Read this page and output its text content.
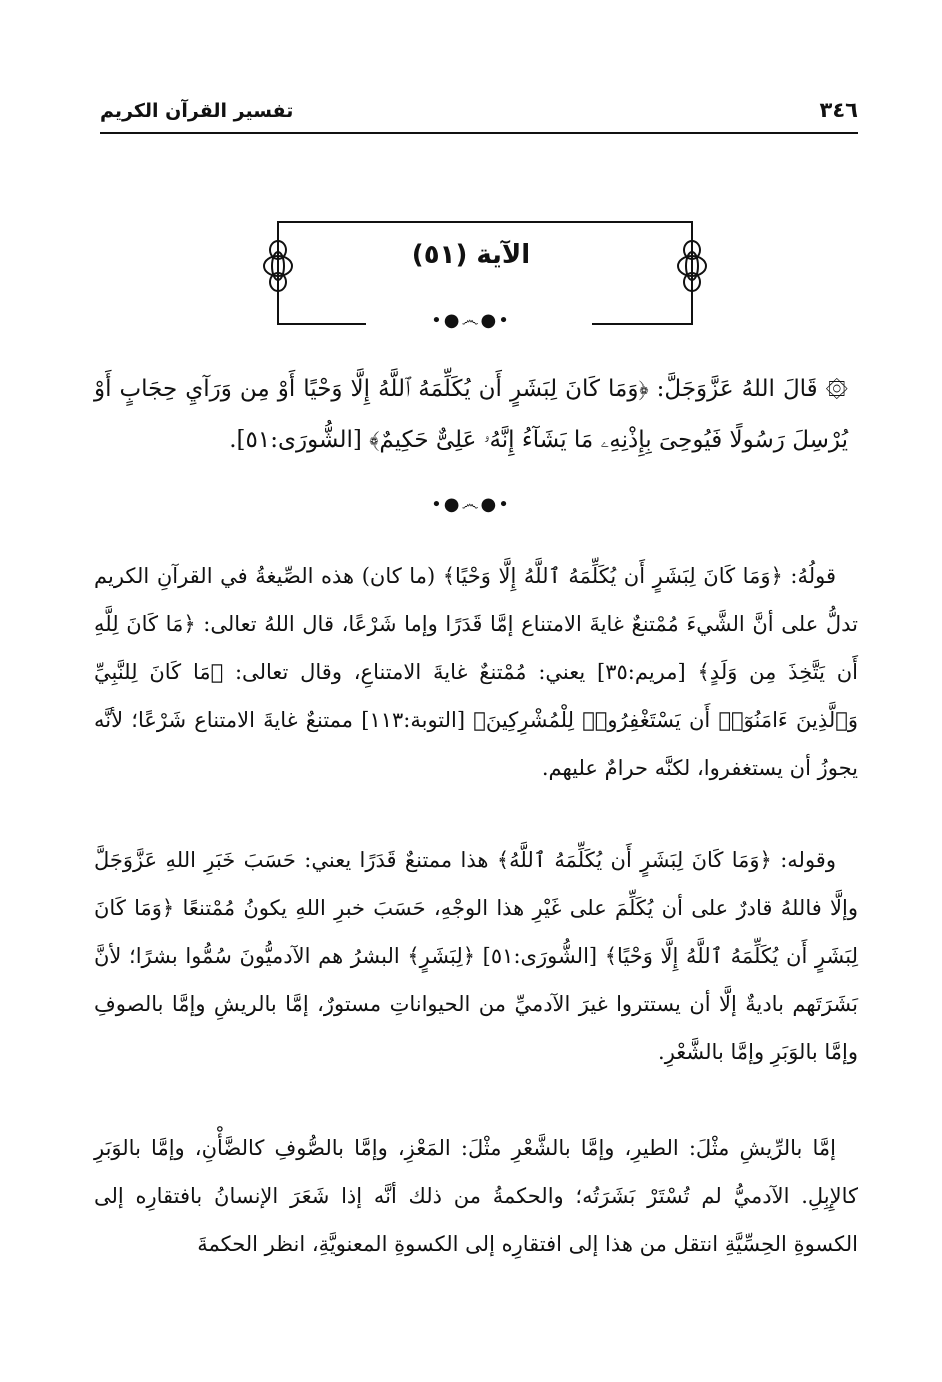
٣٤٦
تفسير القرآن الكريم
الآية (٥١)
•●෴●•
۞ قَالَ اللهُ عَزَّوَجَلَّ: ﴿وَمَا كَانَ لِبَشَرٍ أَن يُكَلِّمَهُ ٱللَّهُ إِلَّا وَحْيًا أَوْ مِن وَرَآيِ حِجَابٍ أَوْ يُرْسِلَ رَسُولًا فَيُوحِىَ بِإِذْنِهِۦ مَا يَشَآءُ إِنَّهُۥ عَلِىٌّ حَكِيمٌ﴾ [الشُّورَى:٥١].
•●෴●•
قولُهُ: ﴿وَمَا كَانَ لِبَشَرٍ أَن يُكَلِّمَهُ ٱللَّهُ إِلَّا وَحْيًا﴾ (ما كان) هذه الصِّيغةُ في القرآنِ الكريم تدلُّ على أنَّ الشَّيءَ مُمْتنعٌ غايةَ الامتناع إمَّا قَدَرًا وإما شَرْعًا، قال اللهُ تعالى: ﴿مَا كَانَ لِلَّهِ أَن يَتَّخِذَ مِن وَلَدٍ﴾ [مريم:٣٥] يعني: مُمْتنعٌ غايةَ الامتناعِ، وقال تعالى: ﴿مَا كَانَ لِلنَّبِيِّ وَٱلَّذِينَ ءَامَنُوٓا۟ أَن يَسْتَغْفِرُوا۟ لِلْمُشْرِكِينَ﴾ [التوبة:١١٣] ممتنعٌ غايةَ الامتناع شَرْعًا؛ لأنَّه يجوزُ أن يستغفروا، لكنَّه حرامٌ عليهم.
وقوله: ﴿وَمَا كَانَ لِبَشَرٍ أَن يُكَلِّمَهُ ٱللَّهُ﴾ هذا ممتنعٌ قَدَرًا يعني: حَسَبَ خَبَرِ اللهِ عَزَّوَجَلَّ وإلَّا فاللهُ قادرٌ على أن يُكَلِّمَ على غَيْرِ هذا الوجْهِ، حَسَبَ خبرِ اللهِ يكونُ مُمْتنعًا ﴿وَمَا كَانَ لِبَشَرٍ أَن يُكَلِّمَهُ ٱللَّهُ إِلَّا وَحْيًا﴾ [الشُّورَى:٥١] ﴿لِبَشَرٍ﴾ البشرُ هم الآدميُّونَ سُمُّوا بشرًا؛ لأنَّ بَشَرَتَهم باديةٌ إلَّا أن يستتروا غيرَ الآدميِّ من الحيواناتِ مستورٌ، إمَّا بالريشِ وإمَّا بالصوفِ وإمَّا بالوَبَرِ وإمَّا بالشَّعْرِ.
إمَّا بالرِّيشِ مثْلَ: الطيرِ، وإمَّا بالشَّعْرِ مثْلَ: المَعْزِ، وإمَّا بالصُّوفِ كالضَّأْنِ، وإمَّا بالوَبَرِ كالإِبِلِ. الآدميُّ لم تُسْتَرْ بَشَرَتُه؛ والحكمةُ من ذلك أنَّه إذا شَعَرَ الإنسانُ بافتقارِه إلى الكسوةِ الحِسِّيَّةِ انتقل من هذا إلى افتقارِه إلى الكسوةِ المعنويَّةِ، انظر الحكمةَ
